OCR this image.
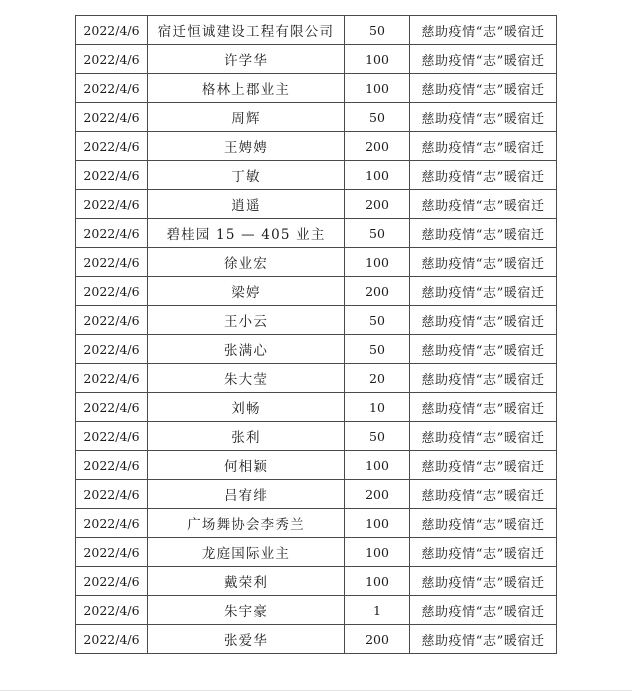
2022/4/6	宿迁恒诚建设工程有限公司	50	慈助疫情“志”暖宿迁
2022/4/6	许学华	100	慈助疫情“志”暖宿迁
2022/4/6	格林上郡业主	100	慈助疫情“志”暖宿迁
2022/4/6	周辉	50	慈助疫情“志”暖宿迁
2022/4/6	王娉娉	200	慈助疫情“志”暖宿迁
2022/4/6	丁敏	100	慈助疫情“志”暖宿迁
2022/4/6	逍遥	200	慈助疫情“志”暖宿迁
2022/4/6	碧桂园 15 — 405 业主	50	慈助疫情“志”暖宿迁
2022/4/6	徐业宏	100	慈助疫情“志”暖宿迁
2022/4/6	梁婷	200	慈助疫情“志”暖宿迁
2022/4/6	王小云	50	慈助疫情“志”暖宿迁
2022/4/6	张满心	50	慈助疫情“志”暖宿迁
2022/4/6	朱大莹	20	慈助疫情“志”暖宿迁
2022/4/6	刘畅	10	慈助疫情“志”暖宿迁
2022/4/6	张利	50	慈助疫情“志”暖宿迁
2022/4/6	何相颖	100	慈助疫情“志”暖宿迁
2022/4/6	吕宥绯	200	慈助疫情“志”暖宿迁
2022/4/6	广场舞协会李秀兰	100	慈助疫情“志”暖宿迁
2022/4/6	龙庭国际业主	100	慈助疫情“志”暖宿迁
2022/4/6	戴荣利	100	慈助疫情“志”暖宿迁
2022/4/6	朱宇豪	1	慈助疫情“志”暖宿迁
2022/4/6	张爱华	200	慈助疫情“志”暖宿迁
